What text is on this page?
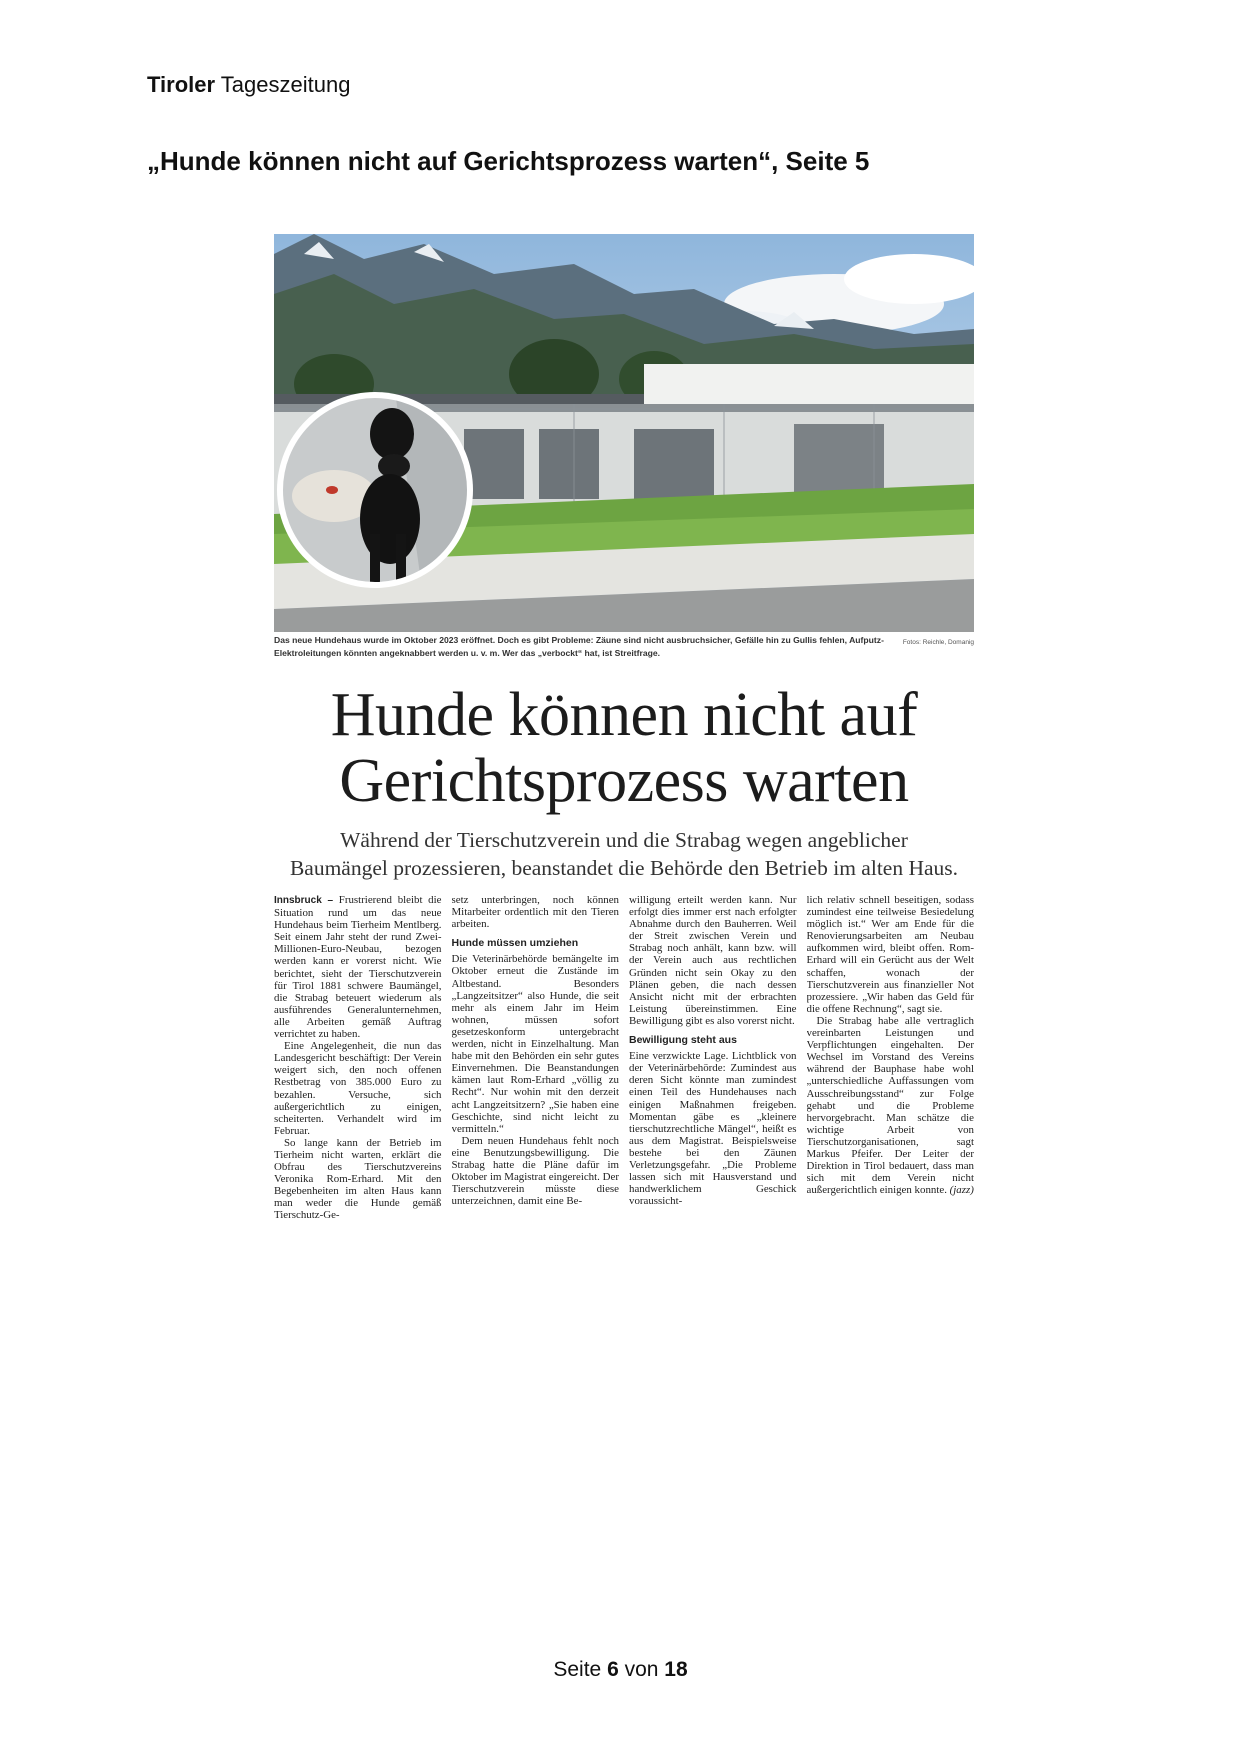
Tiroler Tageszeitung
„Hunde können nicht auf Gerichtsprozess warten“, Seite 5
Fotos: Reichle, Domanig
Das neue Hundehaus wurde im Oktober 2023 eröffnet. Doch es gibt Probleme: Zäune sind nicht ausbruchsicher, Gefälle hin zu Gullis fehlen, Aufputz-Elektroleitungen könnten angeknabbert werden u. v. m. Wer das „verbockt“ hat, ist Streitfrage.
Hunde können nicht auf
Gerichtsprozess warten
Während der Tierschutzverein und die Strabag wegen angeblicher
Baumängel prozessieren, beanstandet die Behörde den Betrieb im alten Haus.

Innsbruck – Frustrierend bleibt die Situation rund um das neue Hundehaus beim Tierheim Mentlberg. Seit einem Jahr steht der rund Zwei-Millionen-Euro-Neubau, bezogen werden kann er vorerst nicht. Wie berichtet, sieht der Tierschutzverein für Tirol 1881 schwere Baumängel, die Strabag beteuert wiederum als ausführendes Generalunternehmen, alle Arbeiten gemäß Auftrag verrichtet zu haben.

Eine Angelegenheit, die nun das Landesgericht beschäftigt: Der Verein weigert sich, den noch offenen Restbetrag von 385.000 Euro zu bezahlen. Versuche, sich außergerichtlich zu einigen, scheiterten. Verhandelt wird im Februar.

So lange kann der Betrieb im Tierheim nicht warten, erklärt die Obfrau des Tierschutzvereins Veronika Rom-Erhard. Mit den Begebenheiten im alten Haus kann man weder die Hunde gemäß Tierschutz-Ge-

setz unterbringen, noch können Mitarbeiter ordentlich mit den Tieren arbeiten.

Hunde müssen umziehen

Die Veterinärbehörde bemängelte im Oktober erneut die Zustände im Altbestand. Besonders „Langzeitsitzer“ also Hunde, die seit mehr als einem Jahr im Heim wohnen, müssen sofort gesetzeskonform untergebracht werden, nicht in Einzelhaltung. Man habe mit den Behörden ein sehr gutes Einvernehmen. Die Beanstandungen kämen laut Rom-Erhard „völlig zu Recht“. Nur wohin mit den derzeit acht Langzeitsitzern? „Sie haben eine Geschichte, sind nicht leicht zu vermitteln.“

Dem neuen Hundehaus fehlt noch eine Benutzungsbewilligung. Die Strabag hatte die Pläne dafür im Oktober im Magistrat eingereicht. Der Tierschutzverein müsste diese unterzeichnen, damit eine Be-

willigung erteilt werden kann. Nur erfolgt dies immer erst nach erfolgter Abnahme durch den Bauherren. Weil der Streit zwischen Verein und Strabag noch anhält, kann bzw. will der Verein auch aus rechtlichen Gründen nicht sein Okay zu den Plänen geben, die nach dessen Ansicht nicht mit der erbrachten Leistung übereinstimmen. Eine Bewilligung gibt es also vorerst nicht.

Bewilligung steht aus

Eine verzwickte Lage. Lichtblick von der Veterinärbehörde: Zumindest aus deren Sicht könnte man zumindest einen Teil des Hundehauses nach einigen Maßnahmen freigeben. Momentan gäbe es „kleinere tierschutzrechtliche Mängel“, heißt es aus dem Magistrat. Beispielsweise bestehe bei den Zäunen Verletzungsgefahr. „Die Probleme lassen sich mit Hausverstand und handwerklichem Geschick voraussicht-

lich relativ schnell beseitigen, sodass zumindest eine teilweise Besiedelung möglich ist.“ Wer am Ende für die Renovierungsarbeiten am Neubau aufkommen wird, bleibt offen. Rom-Erhard will ein Gerücht aus der Welt schaffen, wonach der Tierschutzverein aus finanzieller Not prozessiere. „Wir haben das Geld für die offene Rechnung“, sagt sie.

Die Strabag habe alle vertraglich vereinbarten Leistungen und Verpflichtungen eingehalten. Der Wechsel im Vorstand des Vereins während der Bauphase habe wohl „unterschiedliche Auffassungen vom Ausschreibungsstand“ zur Folge gehabt und die Probleme hervorgebracht. Man schätze die wichtige Arbeit von Tierschutzorganisationen, sagt Markus Pfeifer. Der Leiter der Direktion in Tirol bedauert, dass man sich mit dem Verein nicht außergerichtlich einigen konnte. (jazz)

Seite 6 von 18
